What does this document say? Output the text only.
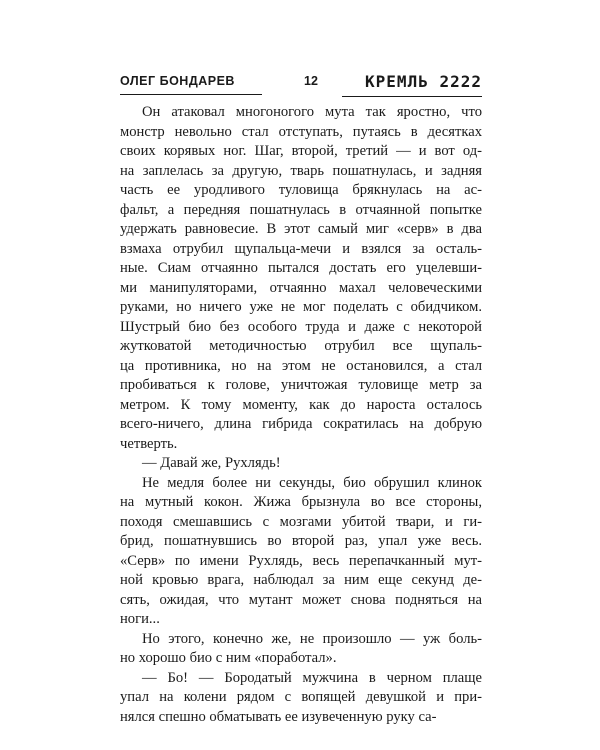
ОЛЕГ БОНДАРЕВ	12	КРЕМЛЬ 2222

Он атаковал многоногого мута так яростно, что
монстр невольно стал отступать, путаясь в десятках
своих корявых ног. Шаг, второй, третий — и вот од-
на заплелась за другую, тварь пошатнулась, и задняя
часть ее уродливого туловища брякнулась на ас-
фальт, а передняя пошатнулась в отчаянной попытке
удержать равновесие. В этот самый миг «серв» в два
взмаха отрубил щупальца-мечи и взялся за осталь-
ные. Сиам отчаянно пытался достать его уцелевши-
ми манипуляторами, отчаянно махал человеческими
руками, но ничего уже не мог поделать с обидчиком.
Шустрый био без особого труда и даже с некоторой
жутковатой методичностью отрубил все щупаль-
ца противника, но на этом не остановился, а стал
пробиваться к голове, уничтожая туловище метр за
метром. К тому моменту, как до нароста осталось
всего-ничего, длина гибрида сократилась на добрую
четверть.

— Давай же, Рухлядь!

Не медля более ни секунды, био обрушил клинок
на мутный кокон. Жижа брызнула во все стороны,
походя смешавшись с мозгами убитой твари, и ги-
брид, пошатнувшись во второй раз, упал уже весь.
«Серв» по имени Рухлядь, весь перепачканный мут-
ной кровью врага, наблюдал за ним еще секунд де-
сять, ожидая, что мутант может снова подняться на
ноги...

Но этого, конечно же, не произошло — уж боль-
но хорошо био с ним «поработал».

— Бо! — Бородатый мужчина в черном плаще
упал на колени рядом с вопящей девушкой и при-
нялся спешно обматывать ее изувеченную руку са-
